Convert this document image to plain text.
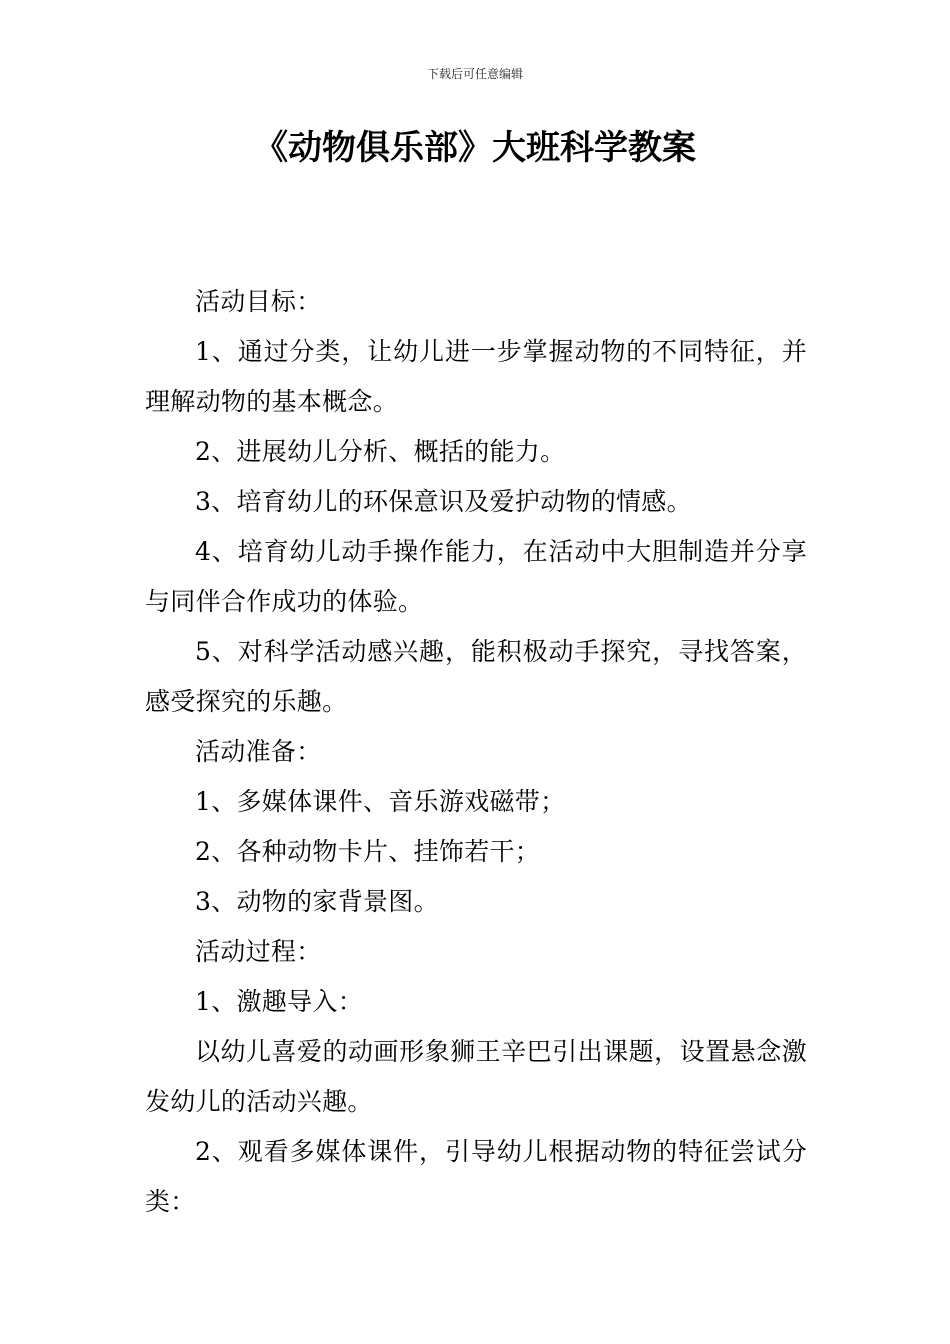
下载后可任意编辑
《动物俱乐部》大班科学教案

活动目标：

1、通过分类，让幼儿进一步掌握动物的不同特征，并理解动物的基本概念。

2、进展幼儿分析、概括的能力。

3、培育幼儿的环保意识及爱护动物的情感。

4、培育幼儿动手操作能力，在活动中大胆制造并分享与同伴合作成功的体验。

5、对科学活动感兴趣，能积极动手探究，寻找答案，感受探究的乐趣。

活动准备：

1、多媒体课件、音乐游戏磁带；

2、各种动物卡片、挂饰若干；

3、动物的家背景图。

活动过程：

1、激趣导入：

以幼儿喜爱的动画形象狮王辛巴引出课题，设置悬念激发幼儿的活动兴趣。

2、观看多媒体课件，引导幼儿根据动物的特征尝试分类：
